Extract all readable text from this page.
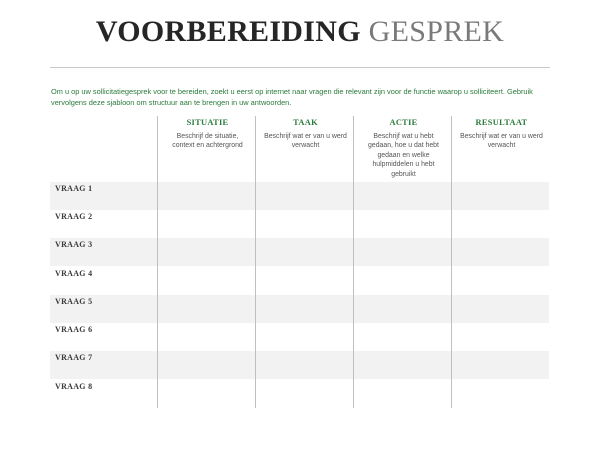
VOORBEREIDING GESPREK
Om u op uw sollicitatiegesprek voor te bereiden, zoekt u eerst op internet naar vragen die relevant zijn voor de functie waarop u solliciteert. Gebruik vervolgens deze sjabloon om structuur aan te brengen in uw antwoorden.
SITUATIE
Beschrijf de situatie, context en achtergrond
TAAK
Beschrijf wat er van u werd verwacht
ACTIE
Beschrijf wat u hebt gedaan, hoe u dat hebt gedaan en welke hulpmiddelen u hebt gebruikt
RESULTAAT
Beschrijf wat er van u werd verwacht
VRAAG 1
VRAAG 2
VRAAG 3
VRAAG 4
VRAAG 5
VRAAG 6
VRAAG 7
VRAAG 8
